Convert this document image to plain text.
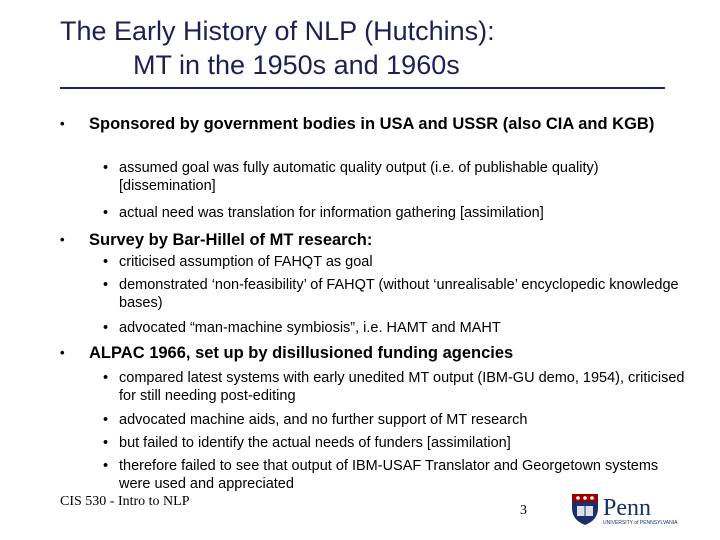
The Early History of NLP (Hutchins):
MT in the 1950s and 1960s
• Sponsored by government bodies in USA and USSR (also CIA and KGB)
• assumed goal was fully automatic quality output (i.e. of publishable quality) [dissemination]
• actual need was translation for information gathering [assimilation]
• Survey by Bar-Hillel of MT research:
• criticised assumption of FAHQT as goal
• demonstrated ‘non-feasibility’ of FAHQT (without ‘unrealisable’ encyclopedic knowledge bases)
• advocated “man-machine symbiosis”, i.e. HAMT and MAHT
• ALPAC 1966, set up by disillusioned funding agencies
• compared latest systems with early unedited MT output (IBM-GU demo, 1954), criticised for still needing post-editing
• advocated machine aids, and no further support of MT research
• but failed to identify the actual needs of funders [assimilation]
• therefore failed to see that output of IBM-USAF Translator and Georgetown systems were used and appreciated
CIS 530 - Intro to NLP
3	Penn
UNIVERSITY of PENNSYLVANIA
